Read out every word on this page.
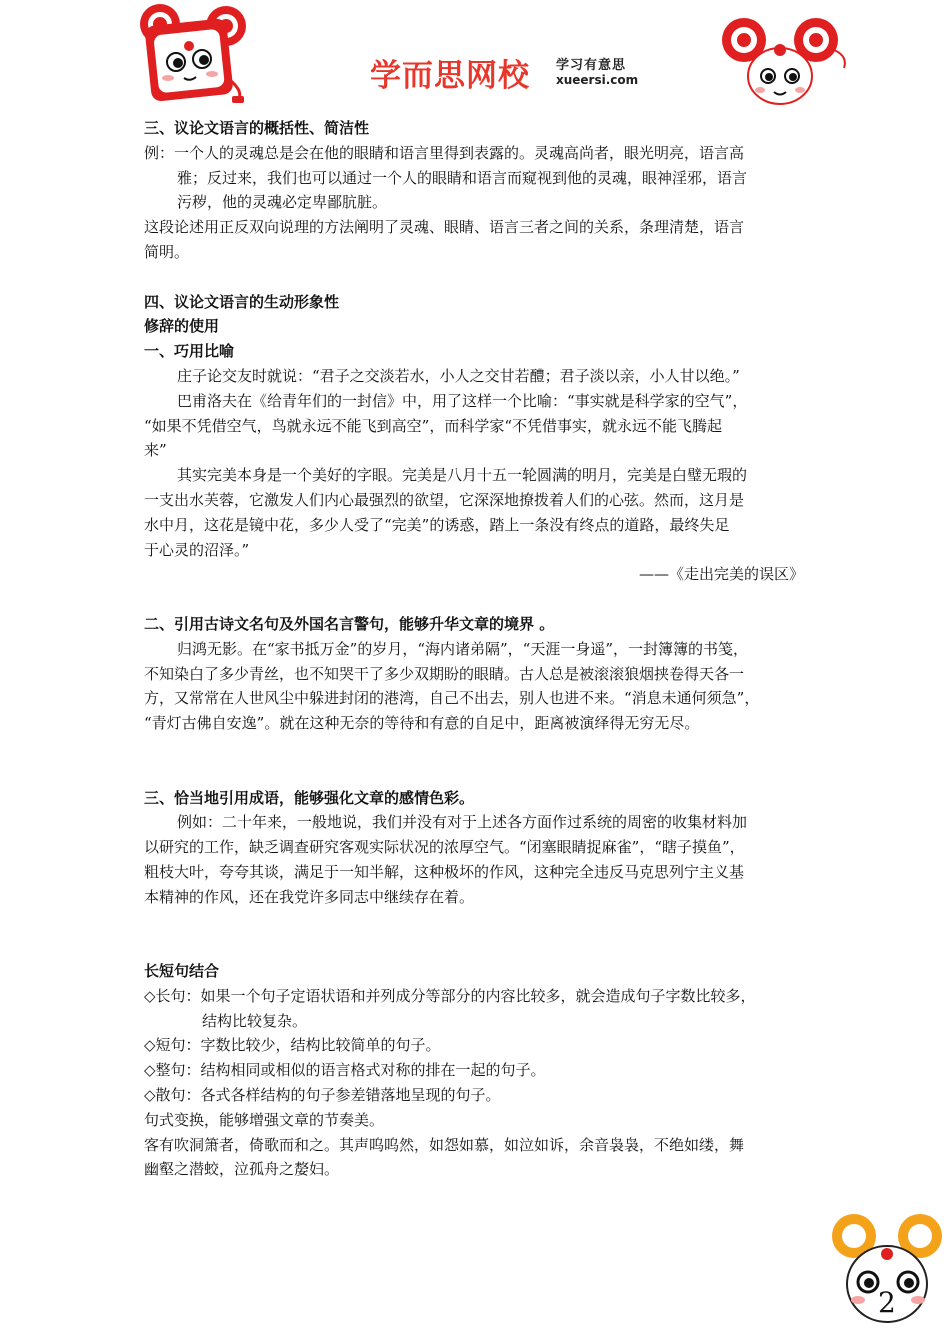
学而思网校 学习有意思
xueersi.com
三、议论文语言的概括性、简洁性
例：一个人的灵魂总是会在他的眼睛和语言里得到表露的。灵魂高尚者，眼光明亮，语言高
雅；反过来，我们也可以通过一个人的眼睛和语言而窥视到他的灵魂，眼神淫邪，语言
污秽，他的灵魂必定卑鄙肮脏。
这段论述用正反双向说理的方法阐明了灵魂、眼睛、语言三者之间的关系，条理清楚，语言
简明。
四、议论文语言的生动形象性
修辞的使用
一、巧用比喻
庄子论交友时就说：“君子之交淡若水，小人之交甘若醴；君子淡以亲，小人甘以绝。”
巴甫洛夫在《给青年们的一封信》中，用了这样一个比喻：“事实就是科学家的空气”，
“如果不凭借空气，鸟就永远不能飞到高空”，而科学家“不凭借事实，就永远不能飞腾起
来”
其实完美本身是一个美好的字眼。完美是八月十五一轮圆满的明月，完美是白璧无瑕的
一支出水芙蓉，它激发人们内心最强烈的欲望，它深深地撩拨着人们的心弦。然而，这月是
水中月，这花是镜中花，多少人受了“完美”的诱惑，踏上一条没有终点的道路，最终失足
于心灵的沼泽。”
——《走出完美的误区》
二、引用古诗文名句及外国名言警句，能够升华文章的境界 。
归鸿无影。在“家书抵万金”的岁月，“海内诸弟隔”，“天涯一身遥”，一封簿簿的书笺，
不知染白了多少青丝，也不知哭干了多少双期盼的眼睛。古人总是被滚滚狼烟挟卷得天各一
方，又常常在人世风尘中躲进封闭的港湾，自己不出去，别人也进不来。“消息未通何须急”，
“青灯古佛自安逸”。就在这种无奈的等待和有意的自足中，距离被演绎得无穷无尽。
三、恰当地引用成语，能够强化文章的感情色彩。
例如：二十年来，一般地说，我们并没有对于上述各方面作过系统的周密的收集材料加
以研究的工作，缺乏调查研究客观实际状况的浓厚空气。“闭塞眼睛捉麻雀”，“瞎子摸鱼”，
粗枝大叶，夸夸其谈，满足于一知半解，这种极坏的作风，这种完全违反马克思列宁主义基
本精神的作风，还在我党许多同志中继续存在着。
长短句结合
◇长句：如果一个句子定语状语和并列成分等部分的内容比较多，就会造成句子字数比较多，
结构比较复杂。
◇短句：字数比较少，结构比较简单的句子。
◇整句：结构相同或相似的语言格式对称的排在一起的句子。
◇散句：各式各样结构的句子参差错落地呈现的句子。
句式变换，能够增强文章的节奏美。
客有吹洞箫者，倚歌而和之。其声呜呜然，如怨如慕，如泣如诉，余音袅袅，不绝如缕，舞
幽壑之潜蛟，泣孤舟之嫠妇。
2
